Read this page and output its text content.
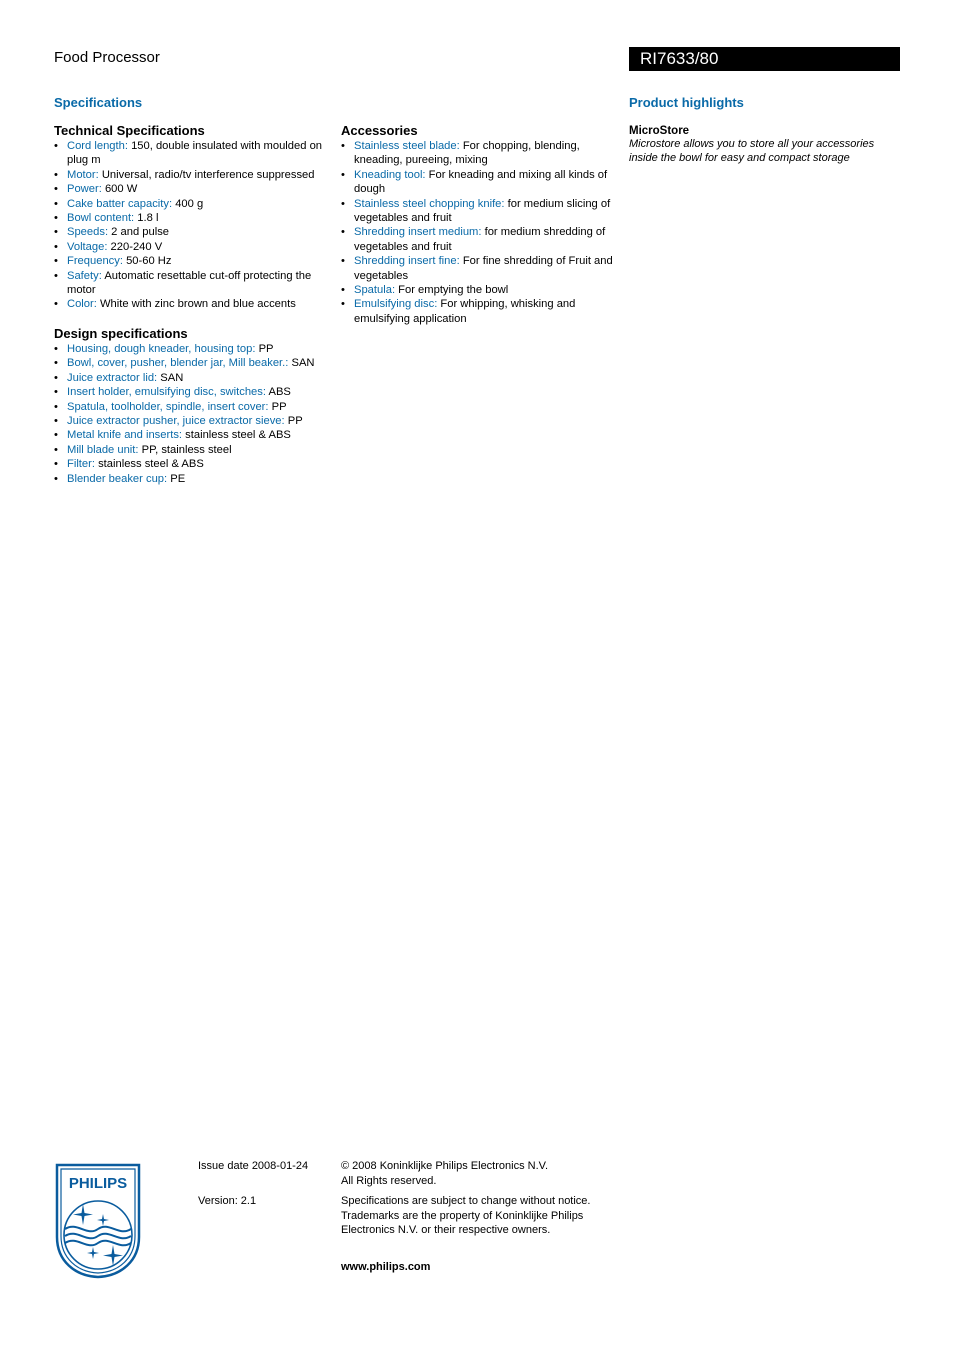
Food Processor	RI7633/80
Specifications	Product highlights
Technical Specifications
• Cord length: 150, double insulated with moulded on plug m
• Motor: Universal, radio/tv interference suppressed
• Power: 600 W
• Cake batter capacity: 400 g
• Bowl content: 1.8 l
• Speeds: 2 and pulse
• Voltage: 220-240 V
• Frequency: 50-60 Hz
• Safety: Automatic resettable cut-off protecting the motor
• Color: White with zinc brown and blue accents
Design specifications
• Housing, dough kneader, housing top: PP
• Bowl, cover, pusher, blender jar, Mill beaker.: SAN
• Juice extractor lid: SAN
• Insert holder, emulsifying disc, switches: ABS
• Spatula, toolholder, spindle, insert cover: PP
• Juice extractor pusher, juice extractor sieve: PP
• Metal knife and inserts: stainless steel & ABS
• Mill blade unit: PP, stainless steel
• Filter: stainless steel & ABS
• Blender beaker cup: PE
Accessories
• Stainless steel blade: For chopping, blending, kneading, pureeing, mixing
• Kneading tool: For kneading and mixing all kinds of dough
• Stainless steel chopping knife: for medium slicing of vegetables and fruit
• Shredding insert medium: for medium shredding of vegetables and fruit
• Shredding insert fine: For fine shredding of Fruit and vegetables
• Spatula: For emptying the bowl
• Emulsifying disc: For whipping, whisking and emulsifying application
MicroStore
Microstore allows you to store all your accessories inside the bowl for easy and compact storage
PHILIPS
Issue date 2008-01-24
Version: 2.1
© 2008 Koninklijke Philips Electronics N.V.
All Rights reserved.
Specifications are subject to change without notice.
Trademarks are the property of Koninklijke Philips
Electronics N.V. or their respective owners.
www.philips.com
